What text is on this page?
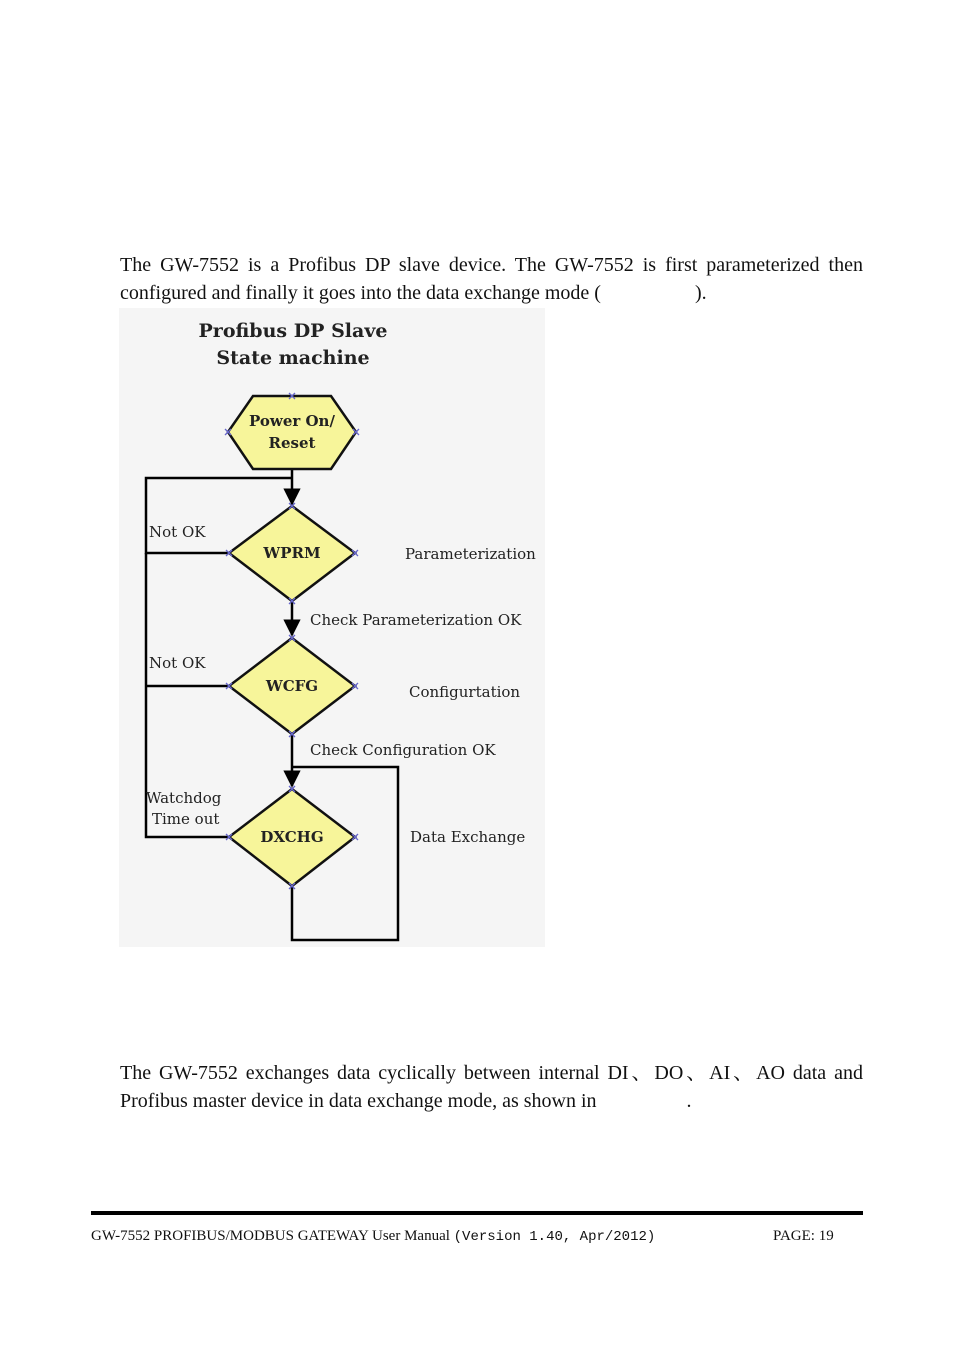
The GW-7552 is a Profibus DP slave device. The GW-7552 is first parameterized then configured and finally it goes into the data exchange mode (	).

Profibus DP Slave
State machine
Power On/
Reset
WPRM
WCFG
DXCHG
Not OK
Not OK
Watchdog
Time out
Parameterization
Configurtation
Data Exchange
Check Parameterization OK
Check Configuration OK

The GW-7552 exchanges data cyclically between internal DI、DO、AI、AO data and Profibus master device in data exchange mode, as shown in	.

GW-7552 PROFIBUS/MODBUS GATEWAY User Manual (Version 1.40, Apr/2012)	PAGE: 19
